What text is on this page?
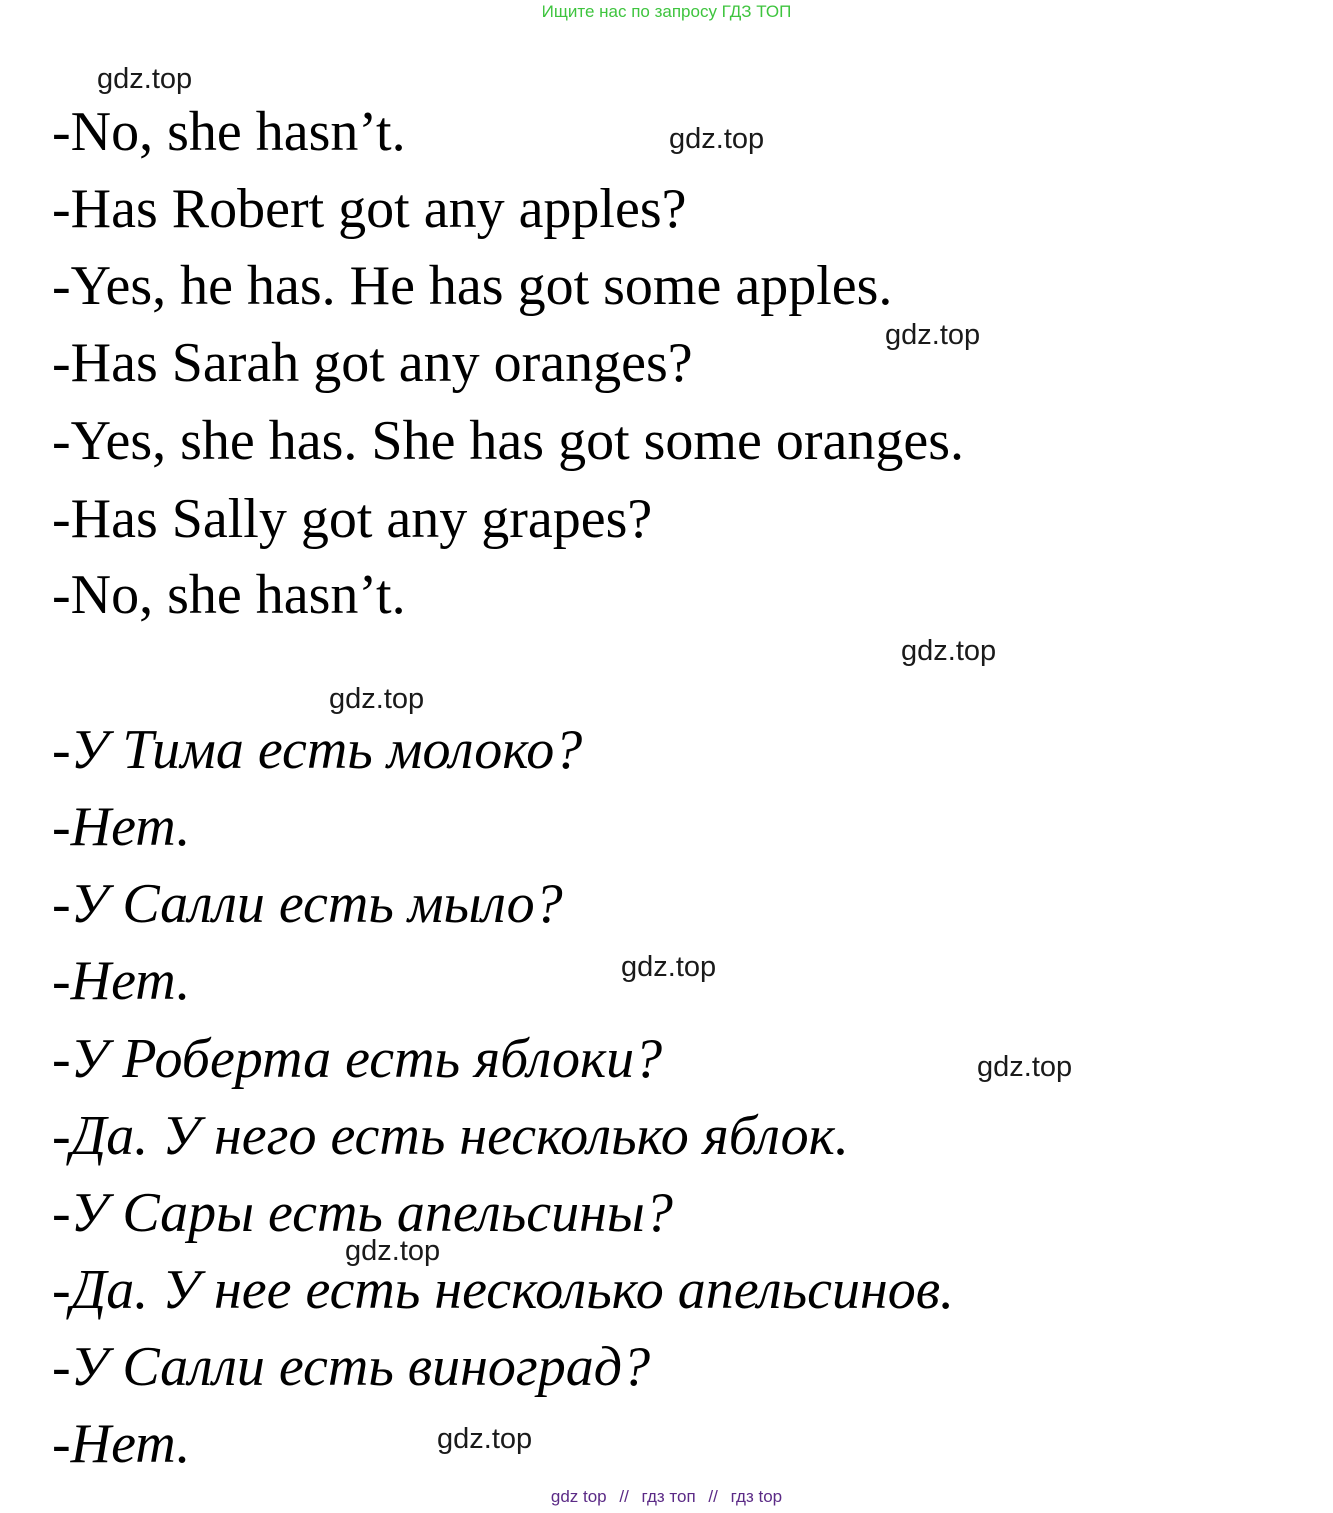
Ищите нас по запросу ГДЗ ТОП
-No, she hasn’t.
-Has Robert got any apples?
-Yes, he has. He has got some apples.
-Has Sarah got any oranges?
-Yes, she has. She has got some oranges.
-Has Sally got any grapes?
-No, she hasn’t.
-У Тима есть молоко?
-Нет.
-У Салли есть мыло?
-Нет.
-У Роберта есть яблоки?
-Да. У него есть несколько яблок.
-У Сары есть апельсины?
-Да. У нее есть несколько апельсинов.
-У Салли есть виноград?
-Нет.
gdz.top
gdz.top
gdz.top
gdz.top
gdz.top
gdz.top
gdz.top
gdz.top
gdz.top
gdz top // гдз топ // гдз top
